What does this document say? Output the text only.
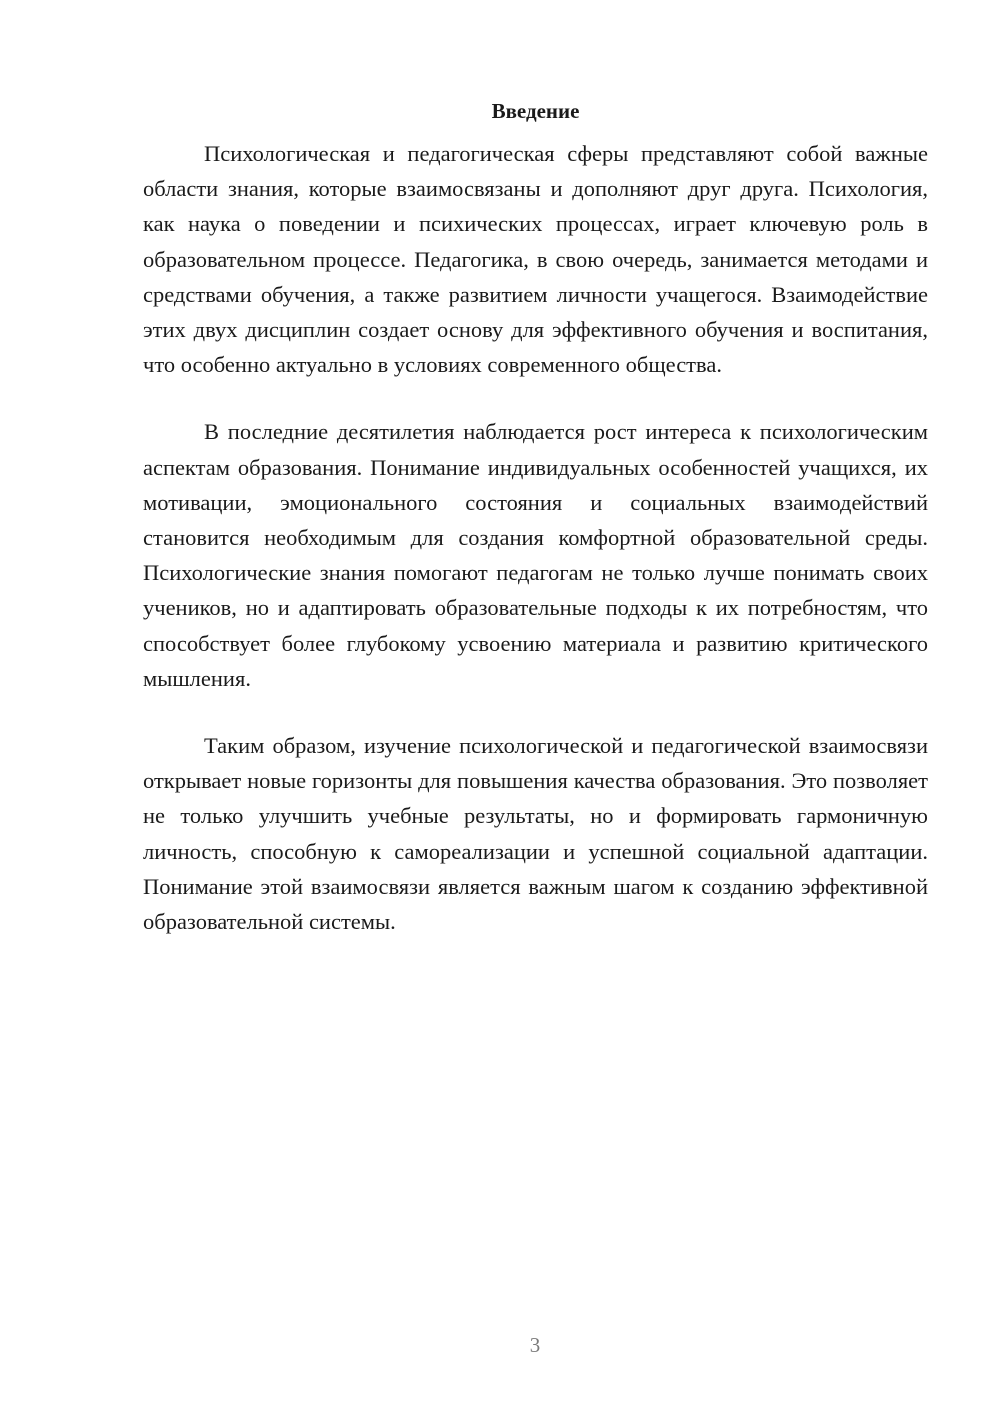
Введение

Психологическая и педагогическая сферы представляют собой важные области знания, которые взаимосвязаны и дополняют друг друга. Психология, как наука о поведении и психических процессах, играет ключевую роль в образовательном процессе. Педагогика, в свою очередь, занимается методами и средствами обучения, а также развитием личности учащегося. Взаимодействие этих двух дисциплин создает основу для эффективного обучения и воспитания, что особенно актуально в условиях современного общества.

В последние десятилетия наблюдается рост интереса к психологическим аспектам образования. Понимание индивидуальных особенностей учащихся, их мотивации, эмоционального состояния и социальных взаимодействий становится необходимым для создания комфортной образовательной среды. Психологические знания помогают педагогам не только лучше понимать своих учеников, но и адаптировать образовательные подходы к их потребностям, что способствует более глубокому усвоению материала и развитию критического мышления.

Таким образом, изучение психологической и педагогической взаимосвязи открывает новые горизонты для повышения качества образования. Это позволяет не только улучшить учебные результаты, но и формировать гармоничную личность, способную к самореализации и успешной социальной адаптации. Понимание этой взаимосвязи является важным шагом к созданию эффективной образовательной системы.

3
